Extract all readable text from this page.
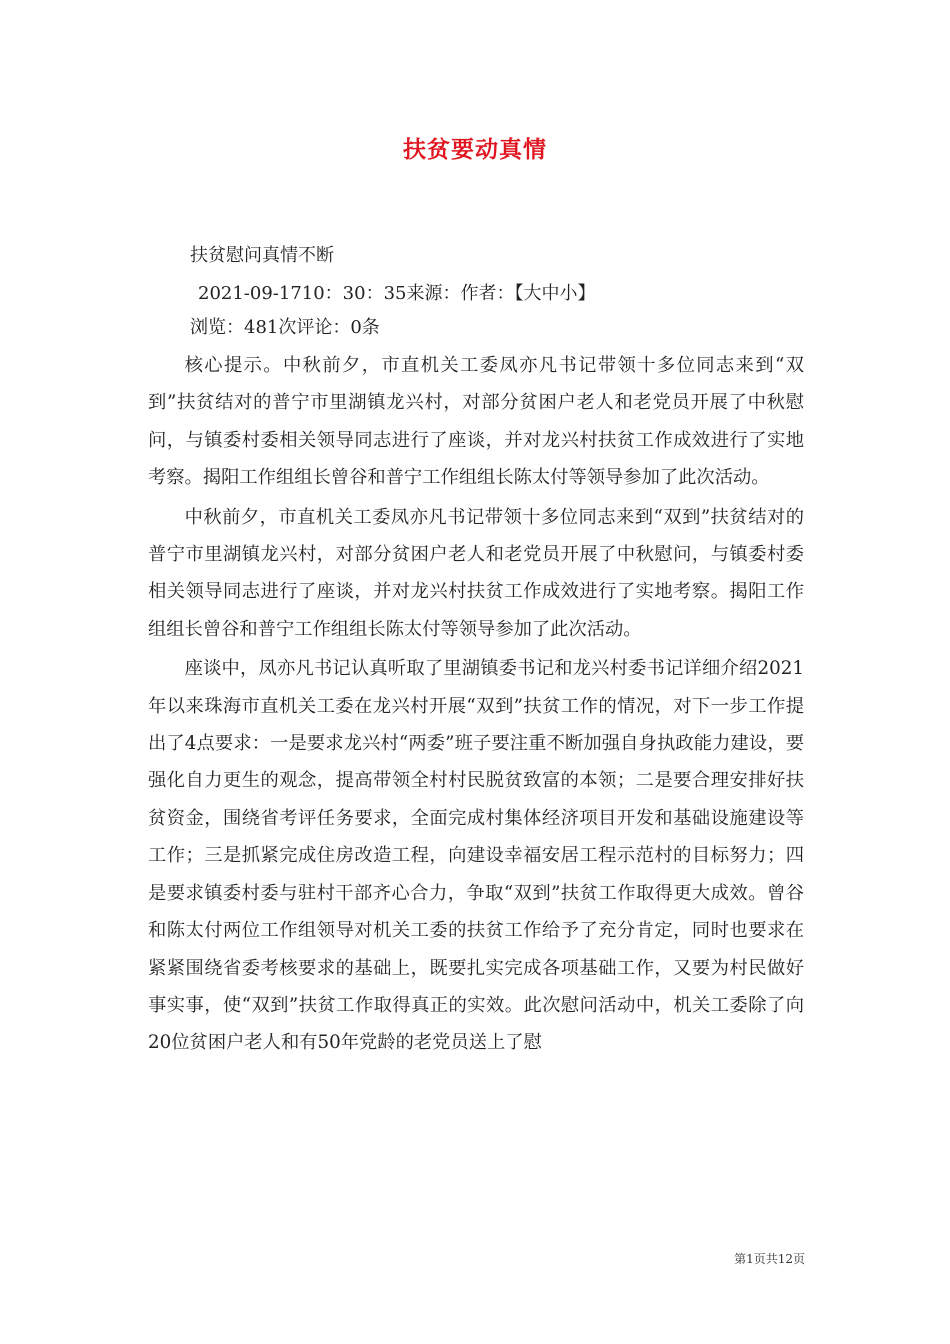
扶贫要动真情
扶贫慰问真情不断
2021-09-1710：30：35来源：作者：【大中小】
浏览：481次评论：0条

核心提示。中秋前夕，市直机关工委凤亦凡书记带领十多位同志来到“双到”扶贫结对的普宁市里湖镇龙兴村，对部分贫困户老人和老党员开展了中秋慰问，与镇委村委相关领导同志进行了座谈，并对龙兴村扶贫工作成效进行了实地考察。揭阳工作组组长曾谷和普宁工作组组长陈太付等领导参加了此次活动。

中秋前夕，市直机关工委凤亦凡书记带领十多位同志来到“双到”扶贫结对的普宁市里湖镇龙兴村，对部分贫困户老人和老党员开展了中秋慰问，与镇委村委相关领导同志进行了座谈，并对龙兴村扶贫工作成效进行了实地考察。揭阳工作组组长曾谷和普宁工作组组长陈太付等领导参加了此次活动。

座谈中，凤亦凡书记认真听取了里湖镇委书记和龙兴村委书记详细介绍2021年以来珠海市直机关工委在龙兴村开展“双到”扶贫工作的情况，对下一步工作提出了4点要求：一是要求龙兴村“两委”班子要注重不断加强自身执政能力建设，要强化自力更生的观念，提高带领全村村民脱贫致富的本领；二是要合理安排好扶贫资金，围绕省考评任务要求，全面完成村集体经济项目开发和基础设施建设等工作；三是抓紧完成住房改造工程，向建设幸福安居工程示范村的目标努力；四是要求镇委村委与驻村干部齐心合力，争取“双到”扶贫工作取得更大成效。曾谷和陈太付两位工作组领导对机关工委的扶贫工作给予了充分肯定，同时也要求在紧紧围绕省委考核要求的基础上，既要扎实完成各项基础工作，又要为村民做好事实事，使“双到”扶贫工作取得真正的实效。此次慰问活动中，机关工委除了向20位贫困户老人和有50年党龄的老党员送上了慰

第1页共12页
